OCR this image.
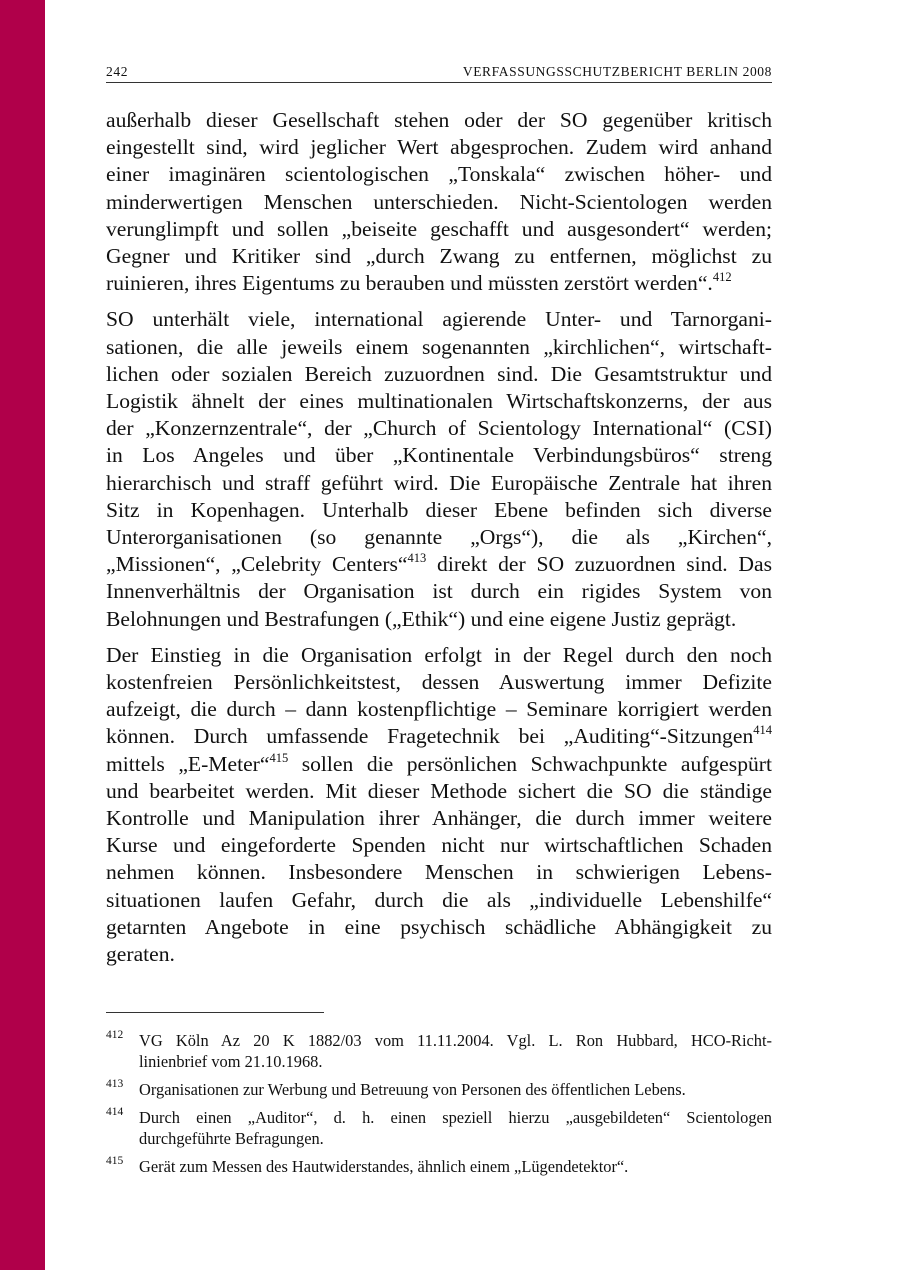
242	VERFASSUNGSSCHUTZBERICHT BERLIN 2008

außerhalb dieser Gesellschaft stehen oder der SO gegenüber kritisch
eingestellt sind, wird jeglicher Wert abgesprochen. Zudem wird anhand
einer imaginären scientologischen „Tonskala“ zwischen höher- und
minderwertigen Menschen unterschieden. Nicht-Scientologen werden
verunglimpft und sollen „beiseite geschafft und ausgesondert“ werden;
Gegner und Kritiker sind „durch Zwang zu entfernen, möglichst zu
ruinieren, ihres Eigentums zu berauben und müssten zerstört werden“.$^{412}$

SO unterhält viele, international agierende Unter- und Tarnorgani-
sationen, die alle jeweils einem sogenannten „kirchlichen“, wirtschaft-
lichen oder sozialen Bereich zuzuordnen sind. Die Gesamtstruktur und
Logistik ähnelt der eines multinationalen Wirtschaftskonzerns, der aus
der „Konzernzentrale“, der „Church of Scientology International“ (CSI)
in Los Angeles und über „Kontinentale Verbindungsbüros“ streng
hierarchisch und straff geführt wird. Die Europäische Zentrale hat ihren
Sitz in Kopenhagen. Unterhalb dieser Ebene befinden sich diverse
Unterorganisationen (so genannte „Orgs“), die als „Kirchen“,
„Missionen“, „Celebrity Centers“$^{413}$ direkt der SO zuzuordnen sind. Das
Innenverhältnis der Organisation ist durch ein rigides System von
Belohnungen und Bestrafungen („Ethik“) und eine eigene Justiz geprägt.

Der Einstieg in die Organisation erfolgt in der Regel durch den noch
kostenfreien Persönlichkeitstest, dessen Auswertung immer Defizite
aufzeigt, die durch – dann kostenpflichtige – Seminare korrigiert werden
können. Durch umfassende Fragetechnik bei „Auditing“-Sitzungen$^{414}$
mittels „E-Meter“$^{415}$ sollen die persönlichen Schwachpunkte aufgespürt
und bearbeitet werden. Mit dieser Methode sichert die SO die ständige
Kontrolle und Manipulation ihrer Anhänger, die durch immer weitere
Kurse und eingeforderte Spenden nicht nur wirtschaftlichen Schaden
nehmen können. Insbesondere Menschen in schwierigen Lebens-
situationen laufen Gefahr, durch die als „individuelle Lebenshilfe“
getarnten Angebote in eine psychisch schädliche Abhängigkeit zu
geraten.

412 VG Köln Az 20 K 1882/03 vom 11.11.2004. Vgl. L. Ron Hubbard, HCO-Richt-
linienbrief vom 21.10.1968.
413 Organisationen zur Werbung und Betreuung von Personen des öffentlichen Lebens.
414 Durch einen „Auditor“, d. h. einen speziell hierzu „ausgebildeten“ Scientologen
durchgeführte Befragungen.
415 Gerät zum Messen des Hautwiderstandes, ähnlich einem „Lügendetektor“.
